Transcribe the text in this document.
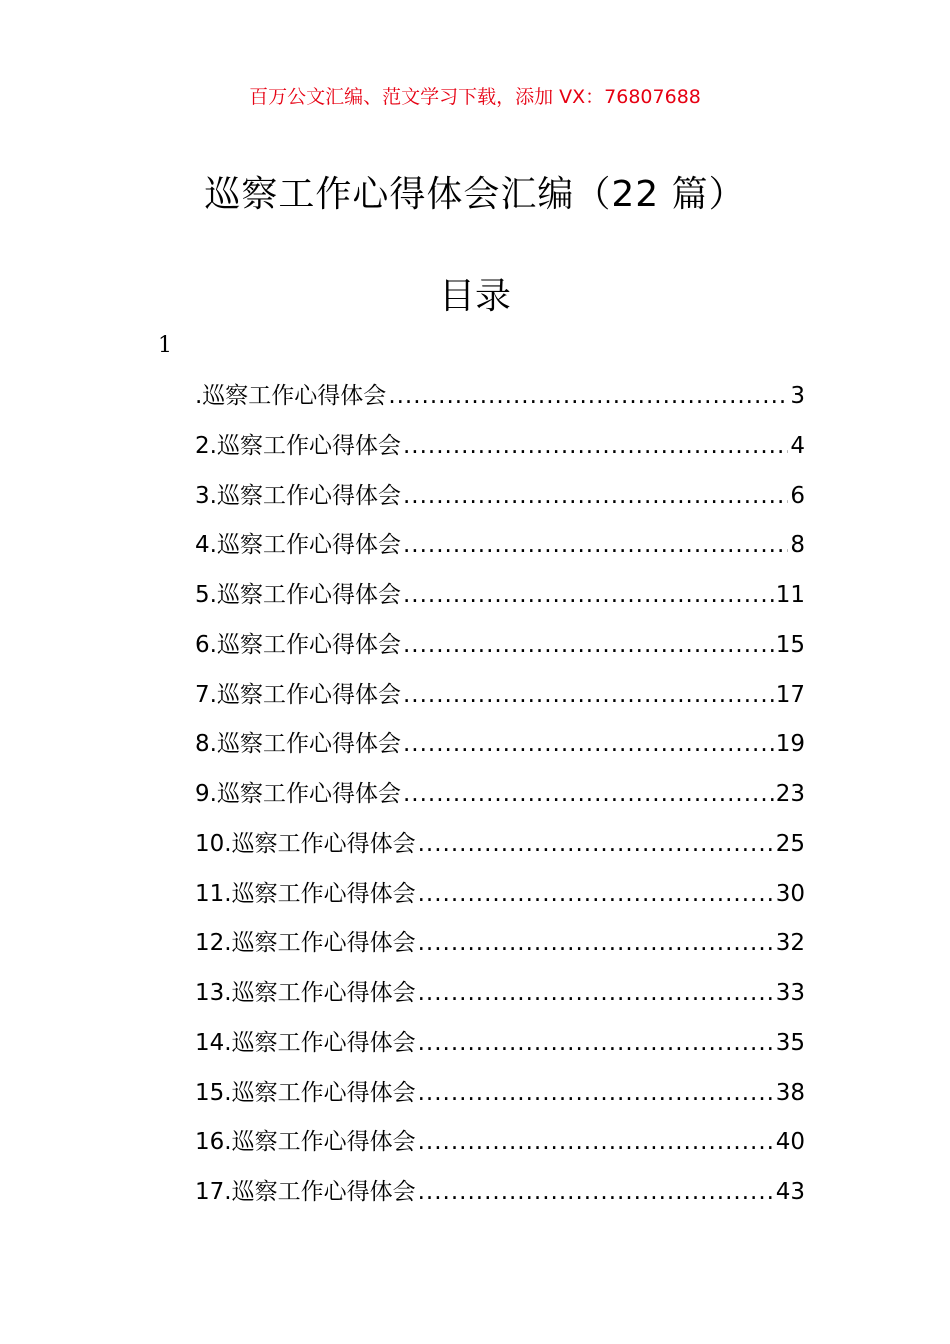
百万公文汇编、范文学习下载，添加 VX：76807688
巡察工作心得体会汇编（22 篇）
目录
1
.巡察工作心得体会 .....	3
2.巡察工作心得体会 .....	4
3.巡察工作心得体会 .....	6
4.巡察工作心得体会 .....	8
5.巡察工作心得体会 .....	11
6.巡察工作心得体会 .....	15
7.巡察工作心得体会 .....	17
8.巡察工作心得体会 .....	19
9.巡察工作心得体会 .....	23
10.巡察工作心得体会 .....	25
11.巡察工作心得体会 .....	30
12.巡察工作心得体会 .....	32
13.巡察工作心得体会 .....	33
14.巡察工作心得体会 .....	35
15.巡察工作心得体会 .....	38
16.巡察工作心得体会 .....	40
17.巡察工作心得体会 .....	43
